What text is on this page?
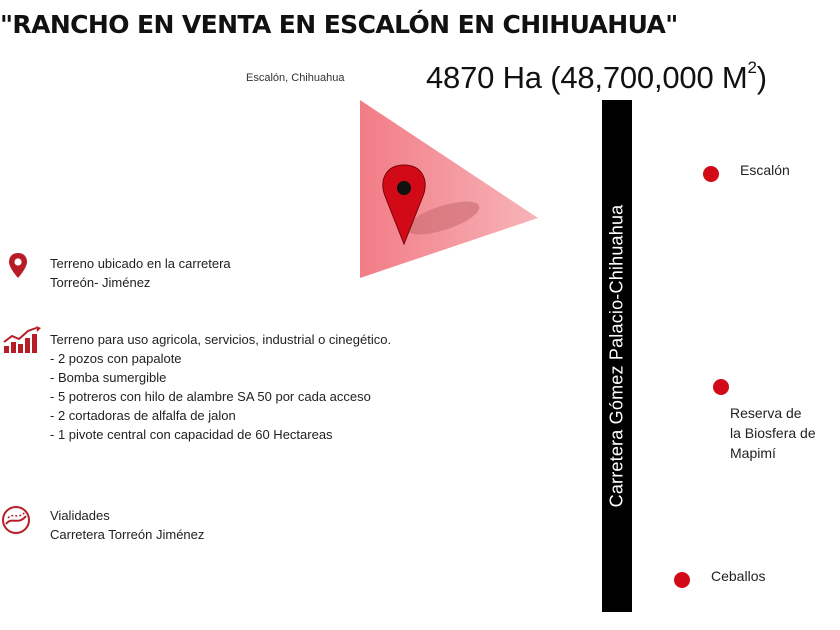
"RANCHO EN VENTA EN ESCALÓN EN CHIHUAHUA"
Escalón, Chihuahua	4870 Ha (48,700,000 $M^2$)
Terreno ubicado en la carretera
Torreón- Jiménez
Terreno para uso agricola, servicios, industrial o cinegético.
- 2 pozos con papalote
- Bomba sumergible
- 5 potreros con hilo de alambre SA 50 por cada acceso
- 2 cortadoras de alfalfa de jalon
- 1 pivote central con capacidad de 60 Hectareas
Vialidades
Carretera Torreón Jiménez
Carretera Gómez Palacio-Chihuahua
Escalón
Reserva de
la Biosfera de
Mapimí
Ceballos
